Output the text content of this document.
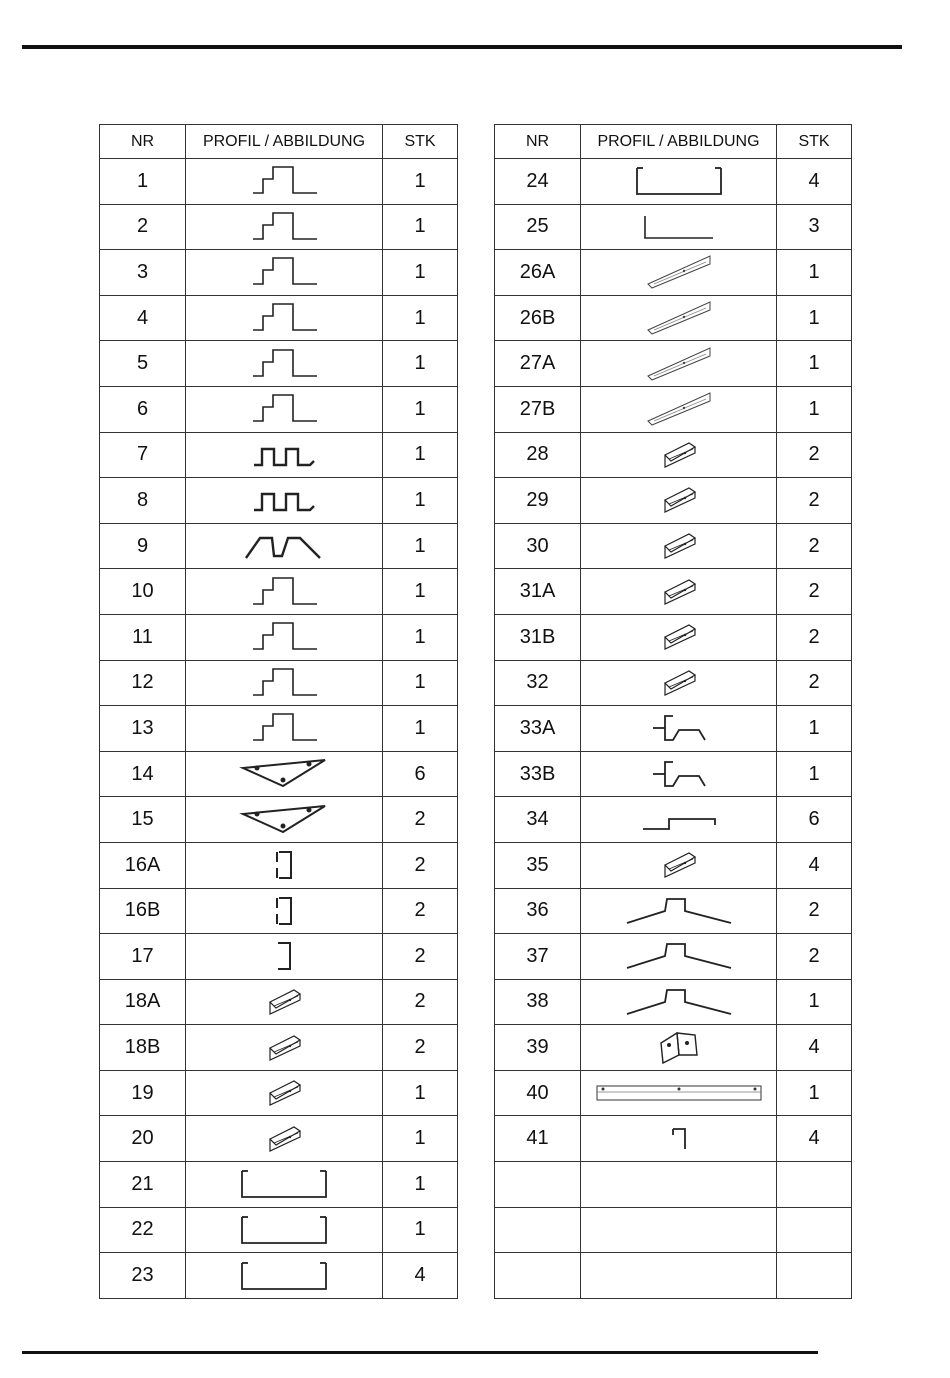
NR	PROFIL / ABBILDUNG	STK
1		1
2		1
3		1
4		1
5		1
6		1
7		1
8		1
9		1
10		1
11		1
12		1
13		1
14		6
15		2
16A		2
16B		2
17		2
18A		2
18B		2
19		1
20		1
21		1
22		1
23		4
NR	PROFIL / ABBILDUNG	STK
24		4
25		3
26A		1
26B		1
27A		1
27B		1
28		2
29		2
30		2
31A		2
31B		2
32		2
33A		1
33B		1
34		6
35		4
36		2
37		2
38		1
39		4
40		1
41		4
